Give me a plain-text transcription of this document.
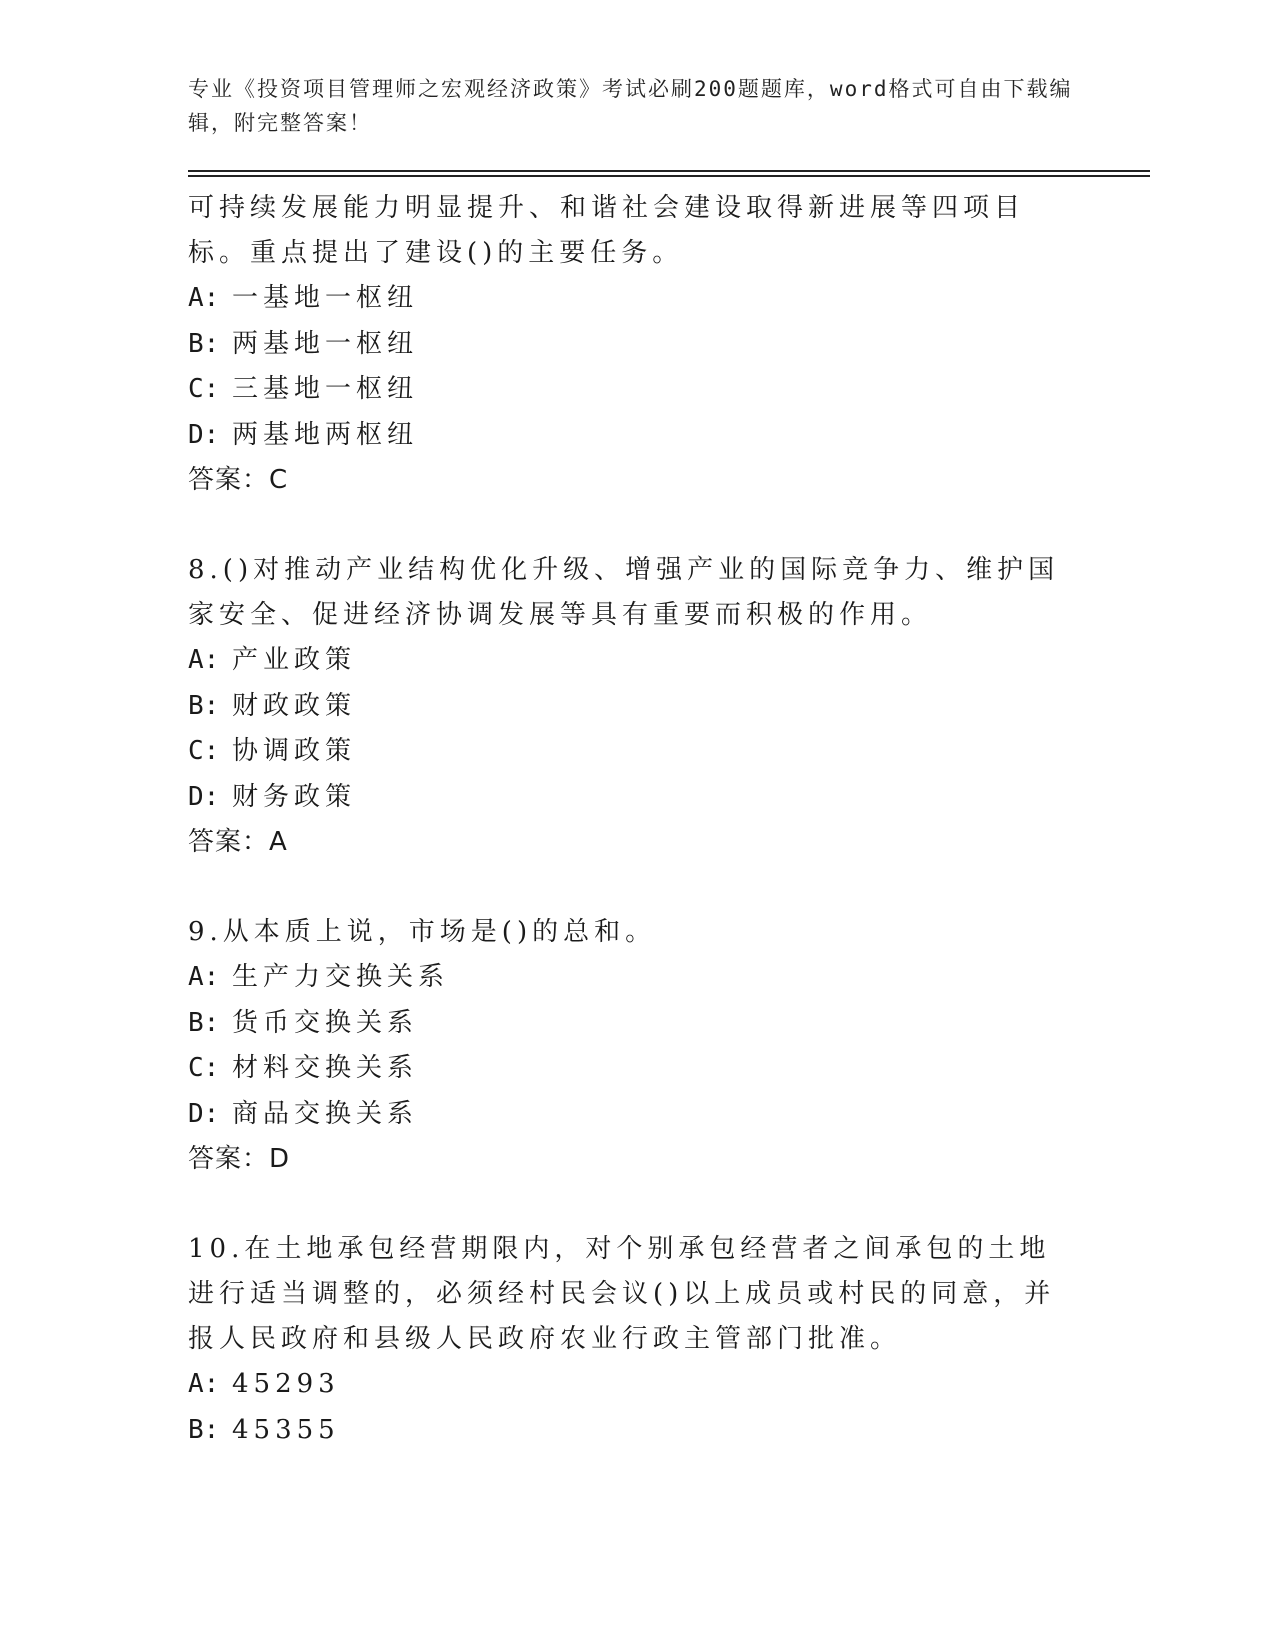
专业《投资项目管理师之宏观经济政策》考试必刷200题题库，word格式可自由下载编辑，附完整答案！

可持续发展能力明显提升、和谐社会建设取得新进展等四项目标。重点提出了建设()的主要任务。

A: 一基地一枢纽

B: 两基地一枢纽

C: 三基地一枢纽

D: 两基地两枢纽

答案：C

8.()对推动产业结构优化升级、增强产业的国际竞争力、维护国家安全、促进经济协调发展等具有重要而积极的作用。

A: 产业政策

B: 财政政策

C: 协调政策

D: 财务政策

答案：A

9.从本质上说，市场是()的总和。

A: 生产力交换关系

B: 货币交换关系

C: 材料交换关系

D: 商品交换关系

答案：D

10.在土地承包经营期限内，对个别承包经营者之间承包的土地进行适当调整的，必须经村民会议()以上成员或村民的同意，并报人民政府和县级人民政府农业行政主管部门批准。

A: 45293

B: 45355
